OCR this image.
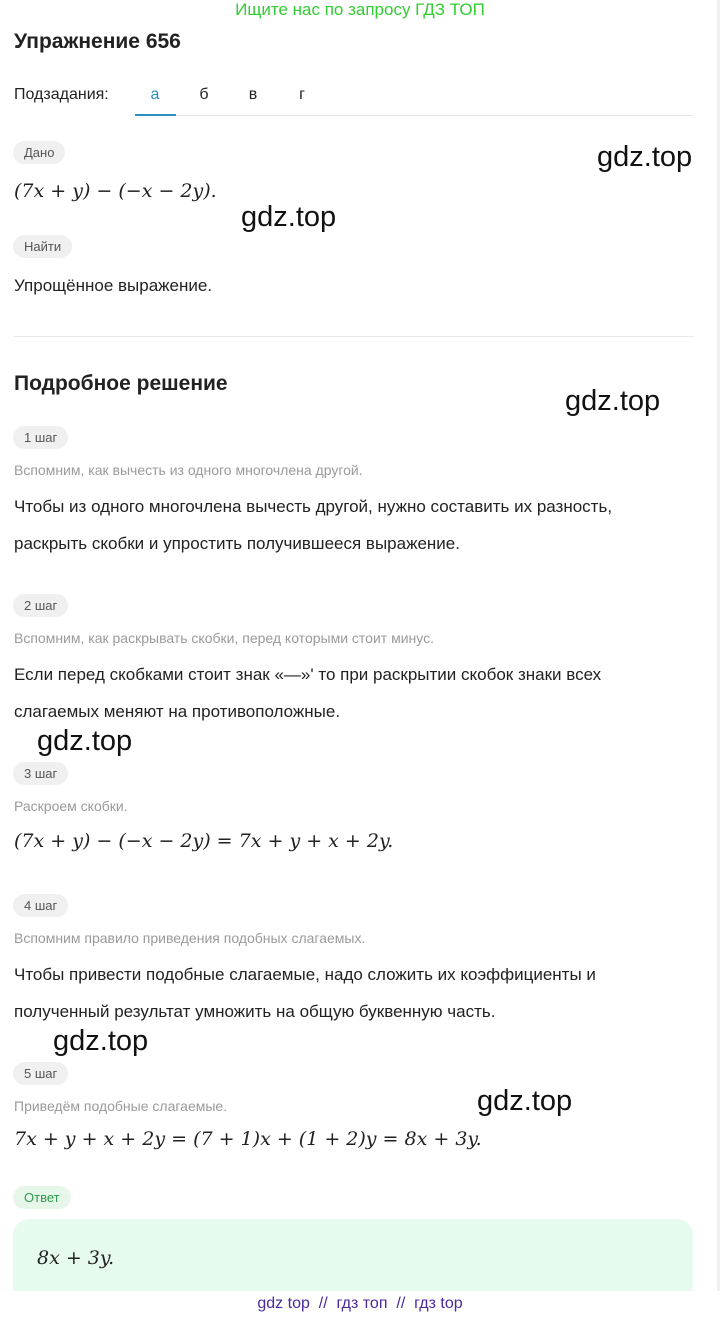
Ищите нас по запросу ГДЗ ТОП
Упражнение 656
Подзадания:	а	б	в	г
Дано
(7x + y) − (−x − 2y).
Найти
Упрощённое выражение.
Подробное решение
1 шаг
Вспомним, как вычесть из одного многочлена другой.
Чтобы из одного многочлена вычесть другой, нужно составить их разность,
раскрыть скобки и упростить получившееся выражение.
2 шаг
Вспомним, как раскрывать скобки, перед которыми стоит минус.
Если перед скобками стоит знак «—»' то при раскрытии скобок знаки всех
слагаемых меняют на противоположные.
3 шаг
Раскроем скобки.
(7x + y) − (−x − 2y) = 7x + y + x + 2y.
4 шаг
Вспомним правило приведения подобных слагаемых.
Чтобы привести подобные слагаемые, надо сложить их коэффициенты и
полученный результат умножить на общую буквенную часть.
5 шаг
Приведём подобные слагаемые.
7x + y + x + 2y = (7 + 1)x + (1 + 2)y = 8x + 3y.
Ответ
8x + 3y.
gdz.top
gdz.top
gdz.top
gdz.top
gdz.top
gdz.top
gdz top  //  гдз топ  //  гдз top
